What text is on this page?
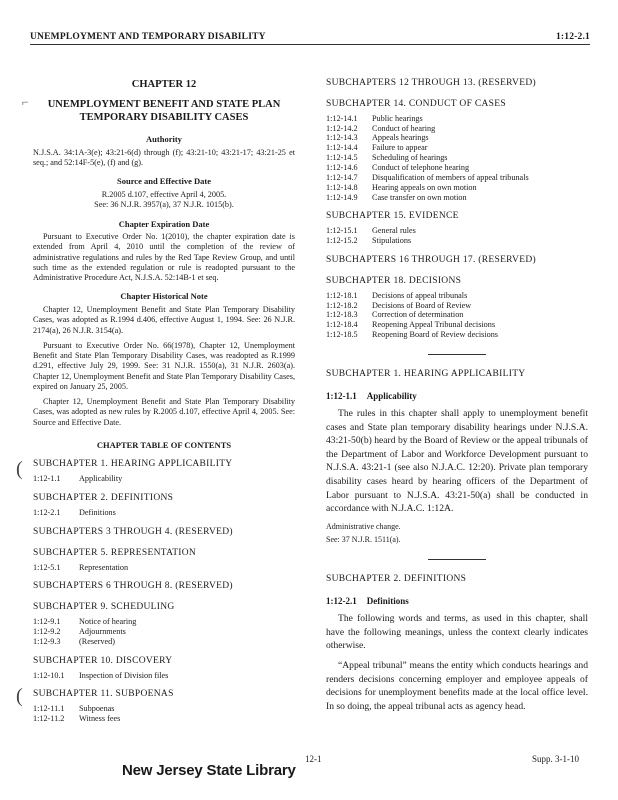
UNEMPLOYMENT AND TEMPORARY DISABILITY	1:12-2.1
⌐
(
(
CHAPTER 12
UNEMPLOYMENT BENEFIT AND STATE PLAN TEMPORARY DISABILITY CASES
Authority
N.J.S.A. 34:1A-3(e); 43:21-6(d) through (f); 43:21-10; 43:21-17; 43:21-25 et seq.; and 52:14F-5(e), (f) and (g).
Source and Effective Date
R.2005 d.107, effective April 4, 2005.
See: 36 N.J.R. 3957(a), 37 N.J.R. 1015(b).
Chapter Expiration Date
Pursuant to Executive Order No. 1(2010), the chapter expiration date is extended from April 4, 2010 until the completion of the review of administrative regulations and rules by the Red Tape Review Group, and until such time as the extended regulation or rule is readopted pursuant to the Administrative Procedure Act, N.J.S.A. 52:14B-1 et seq.
Chapter Historical Note
Chapter 12, Unemployment Benefit and State Plan Temporary Disability Cases, was adopted as R.1994 d.406, effective August 1, 1994. See: 26 N.J.R. 2174(a), 26 N.J.R. 3154(a).
Pursuant to Executive Order No. 66(1978), Chapter 12, Unemployment Benefit and State Plan Temporary Disability Cases, was readopted as R.1999 d.291, effective July 29, 1999. See: 31 N.J.R. 1550(a), 31 N.J.R. 2603(a). Chapter 12, Unemployment Benefit and State Plan Temporary Disability Cases, expired on January 25, 2005.
Chapter 12, Unemployment Benefit and State Plan Temporary Disability Cases, was adopted as new rules by R.2005 d.107, effective April 4, 2005. See: Source and Effective Date.
CHAPTER TABLE OF CONTENTS
SUBCHAPTER 1. HEARING APPLICABILITY
1:12-1.1	Applicability
SUBCHAPTER 2. DEFINITIONS
1:12-2.1	Definitions
SUBCHAPTERS 3 THROUGH 4. (RESERVED)
SUBCHAPTER 5. REPRESENTATION
1:12-5.1	Representation
SUBCHAPTERS 6 THROUGH 8. (RESERVED)
SUBCHAPTER 9. SCHEDULING
1:12-9.1	Notice of hearing
1:12-9.2	Adjournments
1:12-9.3	(Reserved)
SUBCHAPTER 10. DISCOVERY
1:12-10.1	Inspection of Division files
SUBCHAPTER 11. SUBPOENAS
1:12-11.1	Subpoenas
1:12-11.2	Witness fees
SUBCHAPTERS 12 THROUGH 13. (RESERVED)
SUBCHAPTER 14. CONDUCT OF CASES
1:12-14.1	Public hearings
1:12-14.2	Conduct of hearing
1:12-14.3	Appeals hearings
1:12-14.4	Failure to appear
1:12-14.5	Scheduling of hearings
1:12-14.6	Conduct of telephone hearing
1:12-14.7	Disqualification of members of appeal tribunals
1:12-14.8	Hearing appeals on own motion
1:12-14.9	Case transfer on own motion
SUBCHAPTER 15. EVIDENCE
1:12-15.1	General rules
1:12-15.2	Stipulations
SUBCHAPTERS 16 THROUGH 17. (RESERVED)
SUBCHAPTER 18. DECISIONS
1:12-18.1	Decisions of appeal tribunals
1:12-18.2	Decisions of Board of Review
1:12-18.3	Correction of determination
1:12-18.4	Reopening Appeal Tribunal decisions
1:12-18.5	Reopening Board of Review decisions
SUBCHAPTER 1. HEARING APPLICABILITY
1:12-1.1 Applicability
The rules in this chapter shall apply to unemployment benefit cases and State plan temporary disability hearings under N.J.S.A. 43:21-50(b) heard by the Board of Review or the appeal tribunals of the Department of Labor and Workforce Development pursuant to N.J.S.A. 43:21-1 (see also N.J.A.C. 12:20). Private plan temporary disability cases heard by hearing officers of the Department of Labor pursuant to N.J.S.A. 43:21-50(a) shall be conducted in accordance with N.J.A.C. 1:12A.
Administrative change.
See: 37 N.J.R. 1511(a).
SUBCHAPTER 2. DEFINITIONS
1:12-2.1 Definitions
The following words and terms, as used in this chapter, shall have the following meanings, unless the context clearly indicates otherwise.
“Appeal tribunal” means the entity which conducts hearings and renders decisions concerning employer and employee appeals of decisions for unemployment benefits made at the local office level. In so doing, the appeal tribunal acts as agency head.
New Jersey State Library
12-1	Supp. 3-1-10
